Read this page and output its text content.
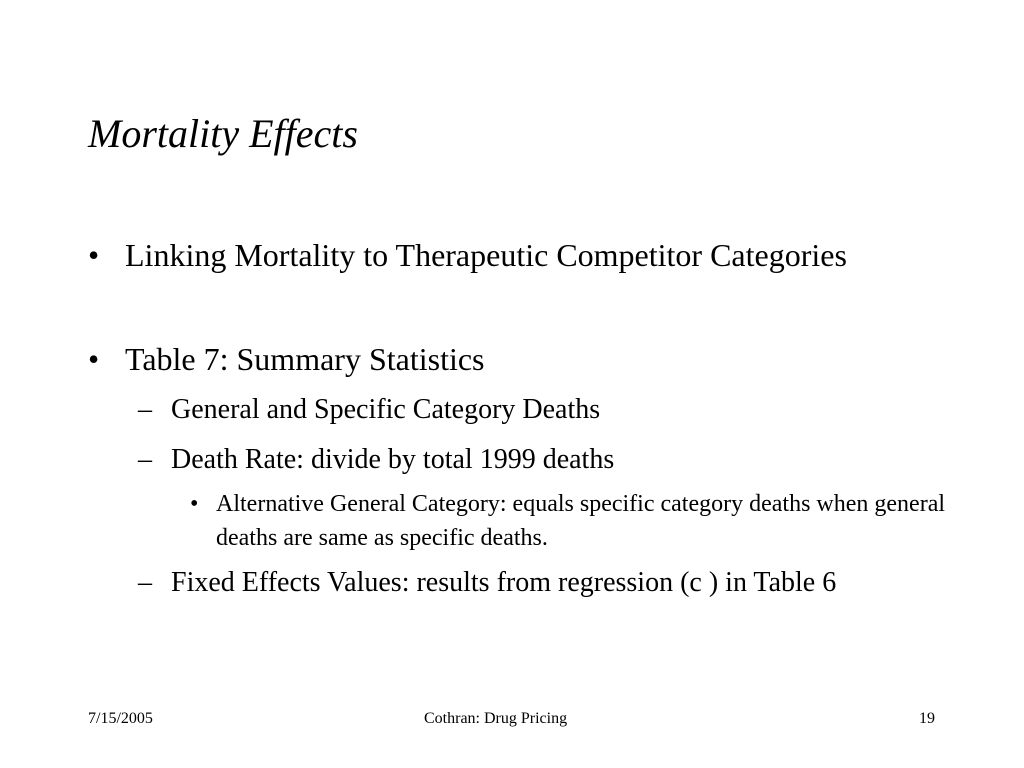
Mortality Effects
• Linking Mortality to Therapeutic Competitor Categories
• Table 7: Summary Statistics
– General and Specific Category Deaths
– Death Rate: divide by total 1999 deaths
• Alternative General Category: equals specific category deaths when general deaths are same as specific deaths.
– Fixed Effects Values: results from regression (c ) in Table 6
7/15/2005	Cothran: Drug Pricing	19
